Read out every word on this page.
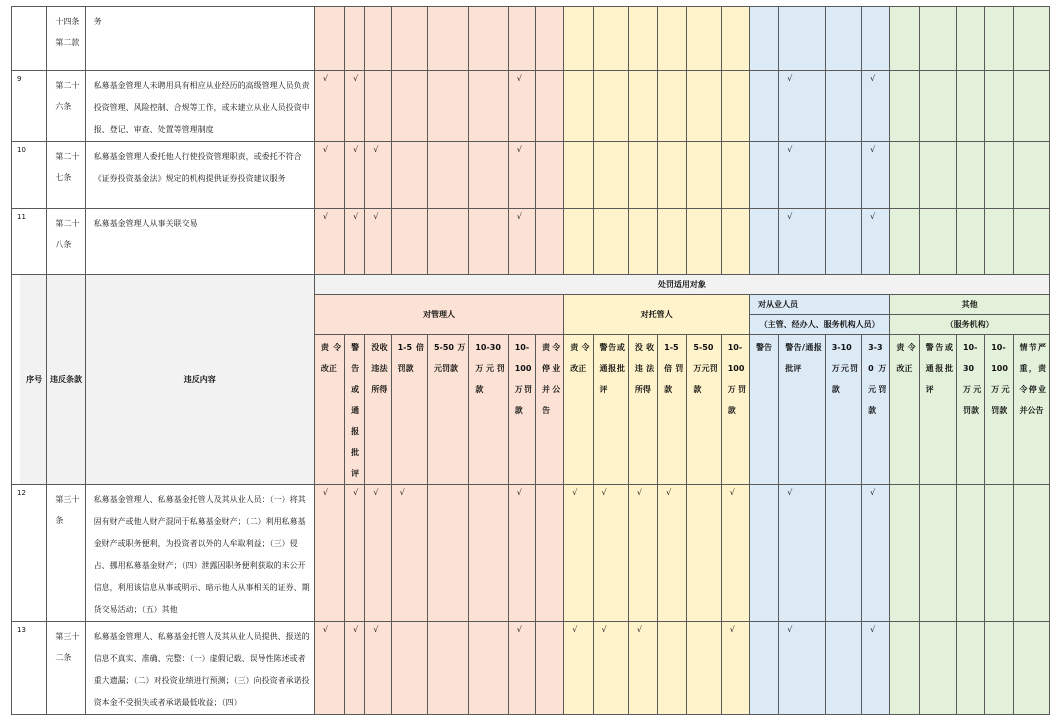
	十四条第二款	务																							
9	第二十六条	私募基金管理人未聘用具有相应从业经历的高级管理人员负责投资管理、风险控制、合规等工作，或未建立从业人员投资申报、登记、审查、处置等管理制度	√	√					√									√		√					
10	第二十七条	私募基金管理人委托他人行使投资管理职责，或委托不符合《证券投资基金法》规定的机构提供证券投资建议服务	√	√	√				√									√		√					
11	第二十八条	私募基金管理人从事关联交易	√	√	√				√									√		√					
序号	违反条款	违反内容	处罚适用对象																						
			对管理人								对托管人						对从业人员				其他				
																	（主管、经办人、服务机构人员）				（服务机构）				
			责令改正	警告或通报批评	没收违法所得	1-5倍罚款	5-50万元罚款	10-30万元罚款	10-100万罚款	责令停业并公告	责令改正	警告或通报批评	没收违法所得	1-5倍罚款	5-50万元罚款	10-100万罚款	警告	警告/通报批评	3-10万元罚款	3-30万元罚款	责令改正	警告或通报批评	10-30万元罚款	10-100万元罚款	情节严重，责令停业并公告
12	第三十条	私募基金管理人、私募基金托管人及其从业人员：（一）将其固有财产或他人财产混同于私募基金财产；（二）利用私募基金财产或职务便利，为投资者以外的人牟取利益；（三）侵占、挪用私募基金财产；（四）泄露因职务便利获取的未公开信息，利用该信息从事或明示、暗示他人从事相关的证券、期货交易活动；（五）其他	√	√	√	√			√		√	√	√	√		√		√		√					
13	第三十二条	私募基金管理人、私募基金托管人及其从业人员提供、报送的信息不真实、准确、完整：（一）虚假记载、误导性陈述或者重大遗漏；（二）对投资业绩进行预测；（三）向投资者承诺投资本金不受损失或者承诺最低收益；（四）	√	√	√				√		√	√	√			√		√		√					
